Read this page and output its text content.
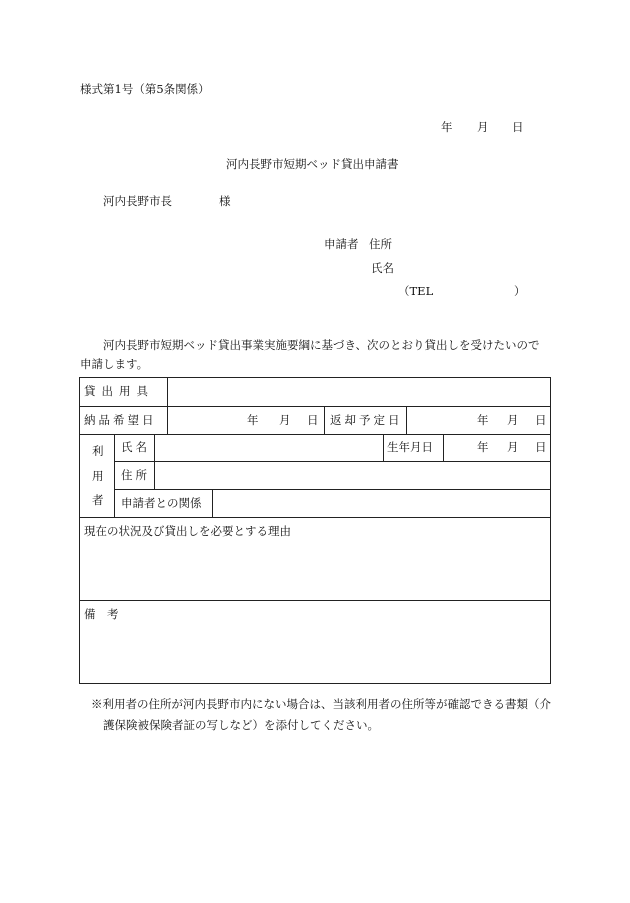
様式第1号（第5条関係）
年 月 日
河内長野市短期ベッド貸出申請書
河内長野市長	様
申請者 住所
氏名
（TEL	）
河内長野市短期ベッド貸出事業実施要綱に基づき、次のとおり貸出しを受けたいので
申請します。
貸出用具
納品希望日	年 月 日 返却予定日	年 月 日
利
用
者
氏名	生年月日	年 月 日
住所
申請者との関係
現在の状況及び貸出しを必要とする理由
備　考
※利用者の住所が河内長野市内にない場合は、当該利用者の住所等が確認できる書類（介
護保険被保険者証の写しなど）を添付してください。
